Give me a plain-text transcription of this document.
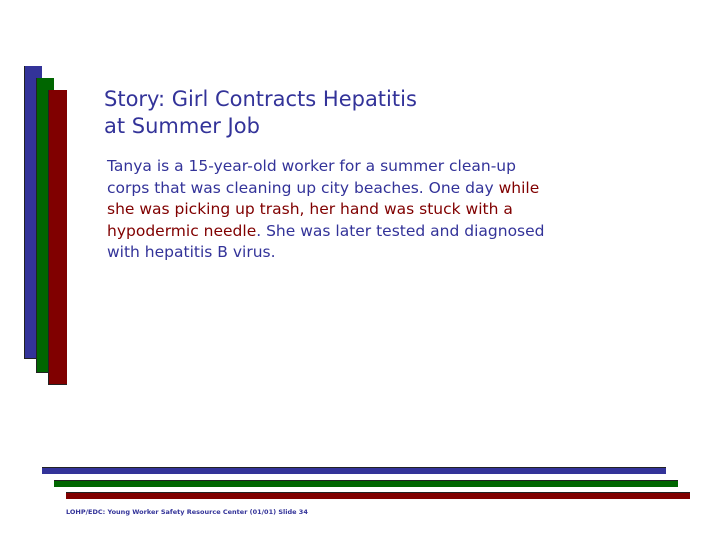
Story: Girl Contracts Hepatitis
at Summer Job

Tanya is a 15-year-old worker for a summer clean-up corps that was cleaning up city beaches. One day while she was picking up trash, her hand was stuck with a hypodermic needle. She was later tested and diagnosed with hepatitis B virus.

LOHP/EDC: Young Worker Safety Resource Center (01/01) Slide 34
